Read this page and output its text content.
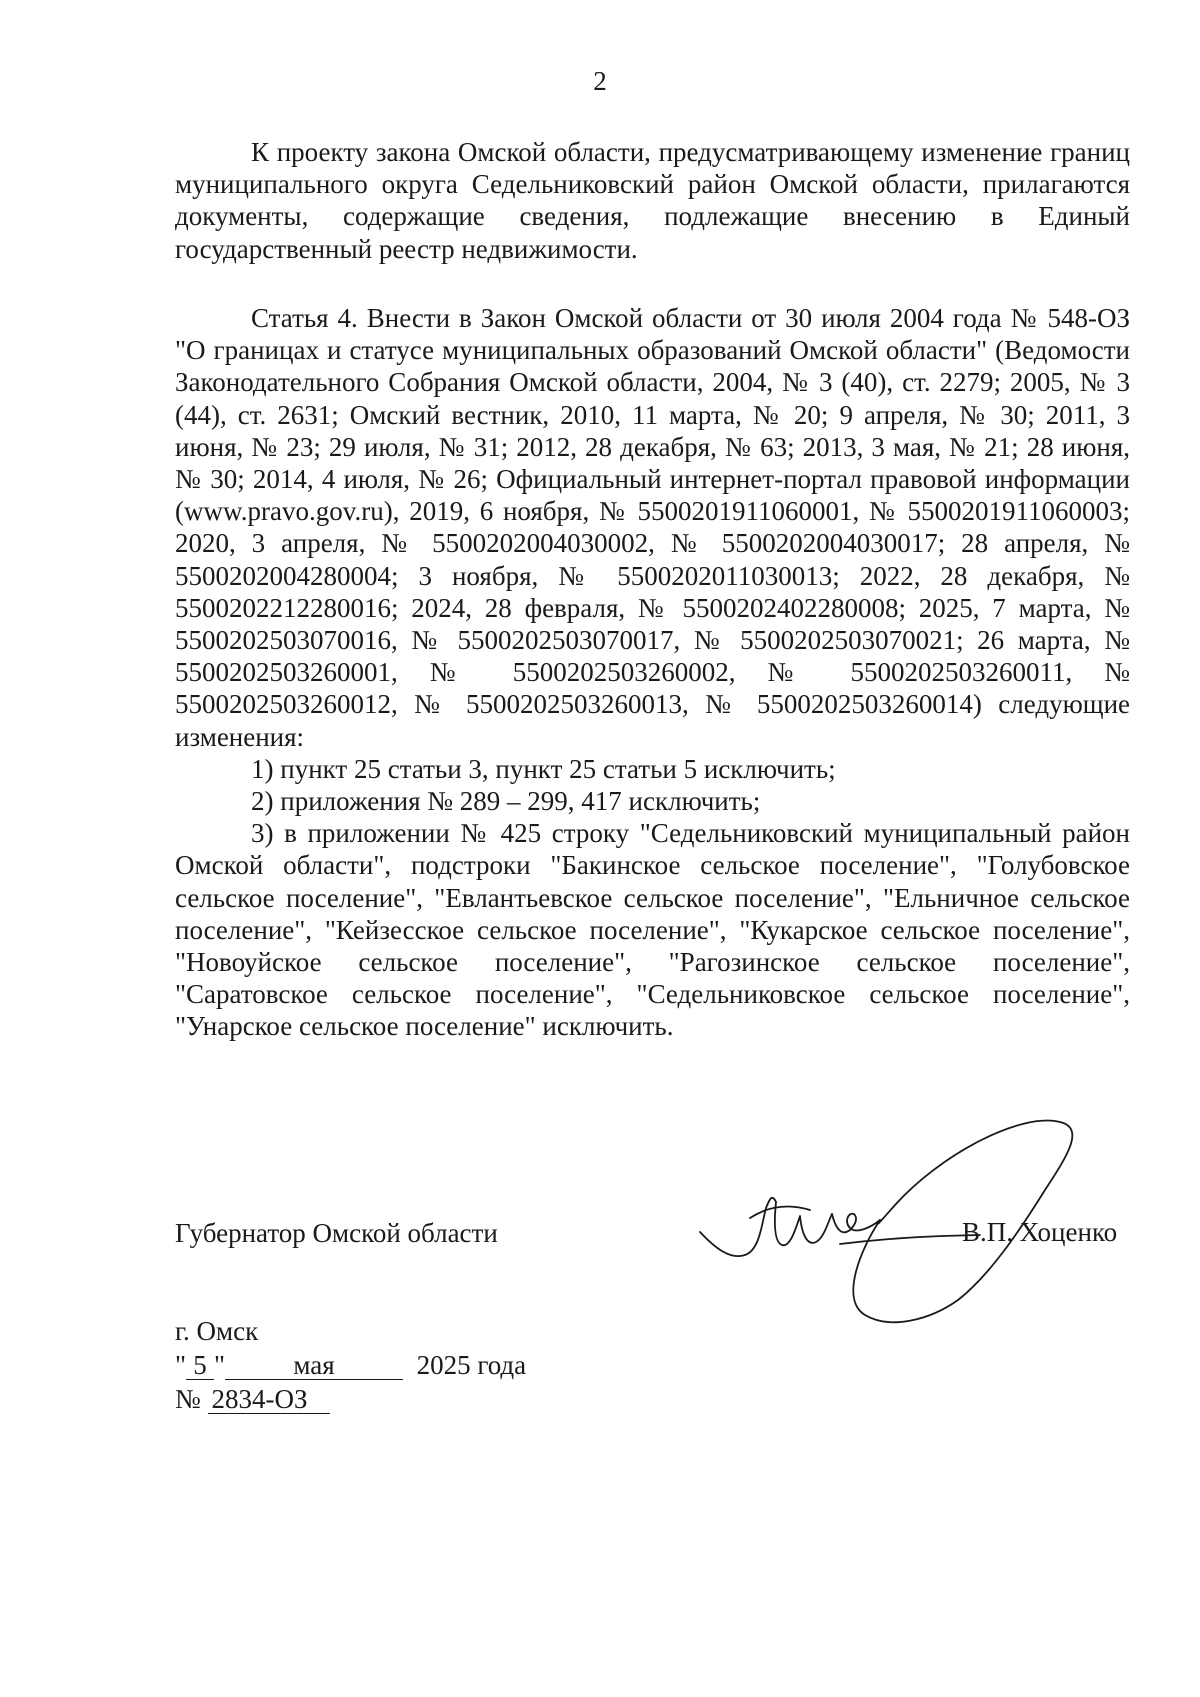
2

К проекту закона Омской области, предусматривающему изменение границ муниципального округа Седельниковский район Омской области, прилагаются документы, содержащие сведения, подлежащие внесению в Единый государственный реестр недвижимости.

Статья 4. Внести в Закон Омской области от 30 июля 2004 года № 548-ОЗ "О границах и статусе муниципальных образований Омской области" (Ведомости Законодательного Собрания Омской области, 2004, № 3 (40), ст. 2279; 2005, № 3 (44), ст. 2631; Омский вестник, 2010, 11 марта, № 20; 9 апреля, № 30; 2011, 3 июня, № 23; 29 июля, № 31; 2012, 28 декабря, № 63; 2013, 3 мая, № 21; 28 июня, № 30; 2014, 4 июля, № 26; Официальный интернет-портал правовой информации (www.pravo.gov.ru), 2019, 6 ноября, № 5500201911060001, № 5500201911060003; 2020, 3 апреля, № 5500202004030002, № 5500202004030017; 28 апреля, № 5500202004280004; 3 ноября, № 5500202011030013; 2022, 28 декабря, № 5500202212280016; 2024, 28 февраля, № 5500202402280008; 2025, 7 марта, № 5500202503070016, № 5500202503070017, № 5500202503070021; 26 марта, № 5500202503260001, № 5500202503260002, № 5500202503260011, № 5500202503260012, № 5500202503260013, № 5500202503260014) следующие изменения:

1) пункт 25 статьи 3, пункт 25 статьи 5 исключить;

2) приложения № 289 – 299, 417 исключить;

3) в приложении № 425 строку "Седельниковский муниципальный район Омской области", подстроки "Бакинское сельское поселение", "Голубовское сельское поселение", "Евлантьевское сельское поселение", "Ельничное сельское поселение", "Кейзесское сельское поселение", "Кукарское сельское поселение", "Новоуйское сельское поселение", "Рагозинское сельское поселение", "Саратовское сельское поселение", "Седельниковское сельское поселение", "Унарское сельское поселение" исключить.

Губернатор Омской области	В.П. Хоценко
г. Омск
" 5 "	мая	2025 года
№ 2834-ОЗ
